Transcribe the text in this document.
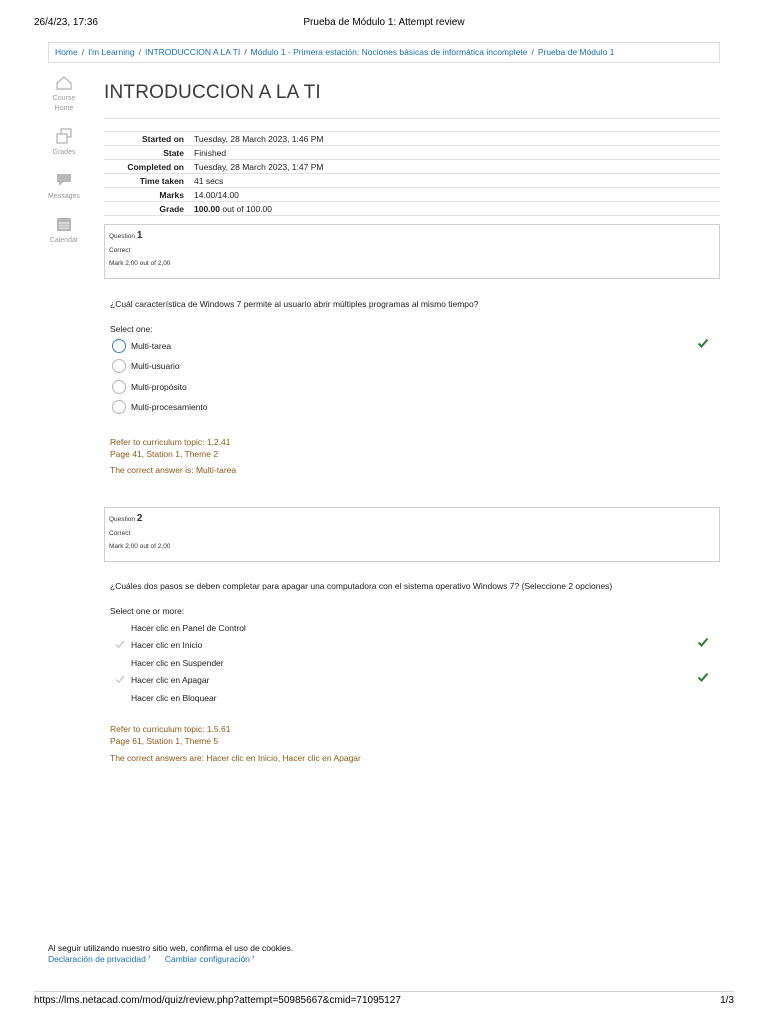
26/4/23, 17:36	Prueba de Módulo 1: Attempt review
Home / I'm Learning / INTRODUCCION A LA TI / Módulo 1 - Primera estación: Nociones básicas de informática incomplete / Prueba de Módulo 1
Course
Home
Grades
Messages
Calendar
INTRODUCCION A LA TI
Started on	Tuesday, 28 March 2023, 1:46 PM
State	Finished
Completed on	Tuesday, 28 March 2023, 1:47 PM
Time taken	41 secs
Marks	14.00/14.00
Grade	100.00 out of 100.00
Question 1
Correct
Mark 2,00 out of 2,00
¿Cuál característica de Windows 7 permite al usuario abrir múltiples programas al mismo tiempo?
Select one:
Multi-tarea
Multi-usuario
Multi-propósito
Multi-procesamiento
Refer to curriculum topic: 1.2.41
Page 41, Station 1, Theme 2
The correct answer is: Multi-tarea
Question 2
Correct
Mark 2,00 out of 2,00
¿Cuáles dos pasos se deben completar para apagar una computadora con el sistema operativo Windows 7? (Seleccione 2 opciones)
Select one or more:
Hacer clic en Panel de Control
Hacer clic en Inicio
Hacer clic en Suspender
Hacer clic en Apagar
Hacer clic en Bloquear
Refer to curriculum topic: 1.5.61
Page 61, Station 1, Theme 5
The correct answers are: Hacer clic en Inicio, Hacer clic en Apagar
Al seguir utilizando nuestro sitio web, confirma el uso de cookies.
Declaración de privacidad › Cambiar configuración ›
https://lms.netacad.com/mod/quiz/review.php?attempt=50985667&cmid=71095127	1/3
